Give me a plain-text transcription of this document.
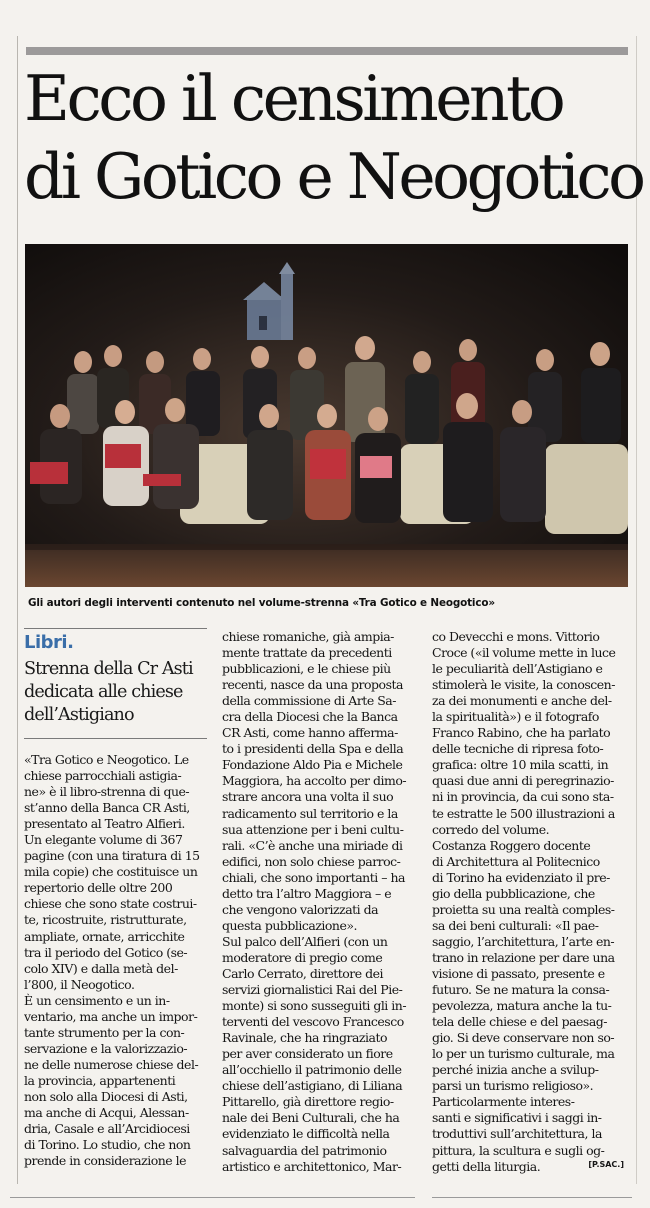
Ecco il censimento
di Gotico e Neogotico

Gli autori degli interventi contenuto nel volume-strenna «Tra Gotico e Neogotico»

Libri.

Strenna della Cr Asti
dedicata alle chiese
dell’Astigiano
«Tra Gotico e Neogotico. Le
chiese parrocchiali astigia-
ne» è il libro-strenna di que-
st’anno della Banca CR Asti,
presentato al Teatro Alfieri.
Un elegante volume di 367
pagine (con una tiratura di 15
mila copie) che costituisce un
repertorio delle oltre 200
chiese che sono state costrui-
te, ricostruite, ristrutturate,
ampliate, ornate, arricchite
tra il periodo del Gotico (se-
colo XIV) e dalla metà del-
l’800, il Neogotico.
È un censimento e un in-
ventario, ma anche un impor-
tante strumento per la con-
servazione e la valorizzazio-
ne delle numerose chiese del-
la provincia, appartenenti
non solo alla Diocesi di Asti,
ma anche di Acqui, Alessan-
dria, Casale e all’Arcidiocesi
di Torino. Lo studio, che non
prende in considerazione le
chiese romaniche, già ampia-
mente trattate da precedenti
pubblicazioni, e le chiese più
recenti, nasce da una proposta
della commissione di Arte Sa-
cra della Diocesi che la Banca
CR Asti, come hanno afferma-
to i presidenti della Spa e della
Fondazione Aldo Pia e Michele
Maggiora, ha accolto per dimo-
strare ancora una volta il suo
radicamento sul territorio e la
sua attenzione per i beni cultu-
rali. «C’è anche una miriade di
edifici, non solo chiese parroc-
chiali, che sono importanti – ha
detto tra l’altro Maggiora – e
che vengono valorizzati da
questa pubblicazione».
Sul palco dell’Alfieri (con un
moderatore di pregio come
Carlo Cerrato, direttore dei
servizi giornalistici Rai del Pie-
monte) si sono susseguiti gli in-
terventi del vescovo Francesco
Ravinale, che ha ringraziato
per aver considerato un fiore
all’occhiello il patrimonio delle
chiese dell’astigiano, di Liliana
Pittarello, già direttore regio-
nale dei Beni Culturali, che ha
evidenziato le difficoltà nella
salvaguardia del patrimonio
artistico e architettonico, Mar-
co Devecchi e mons. Vittorio
Croce («il volume mette in luce
le peculiarità dell’Astigiano e
stimolerà le visite, la conoscen-
za dei monumenti e anche del-
la spiritualità») e il fotografo
Franco Rabino, che ha parlato
delle tecniche di ripresa foto-
grafica: oltre 10 mila scatti, in
quasi due anni di peregrinazio-
ni in provincia, da cui sono sta-
te estratte le 500 illustrazioni a
corredo del volume.
Costanza Roggero docente
di Architettura al Politecnico
di Torino ha evidenziato il pre-
gio della pubblicazione, che
proietta su una realtà comples-
sa dei beni culturali: «Il pae-
saggio, l’architettura, l’arte en-
trano in relazione per dare una
visione di passato, presente e
futuro. Se ne matura la consa-
pevolezza, matura anche la tu-
tela delle chiese e del paesag-
gio. Si deve conservare non so-
lo per un turismo culturale, ma
perché inizia anche a svilup-
parsi un turismo religioso».
Particolarmente interes-
santi e significativi i saggi in-
troduttivi sull’architettura, la
pittura, la scultura e sugli og-
getti della liturgia.	[P.SAC.]
